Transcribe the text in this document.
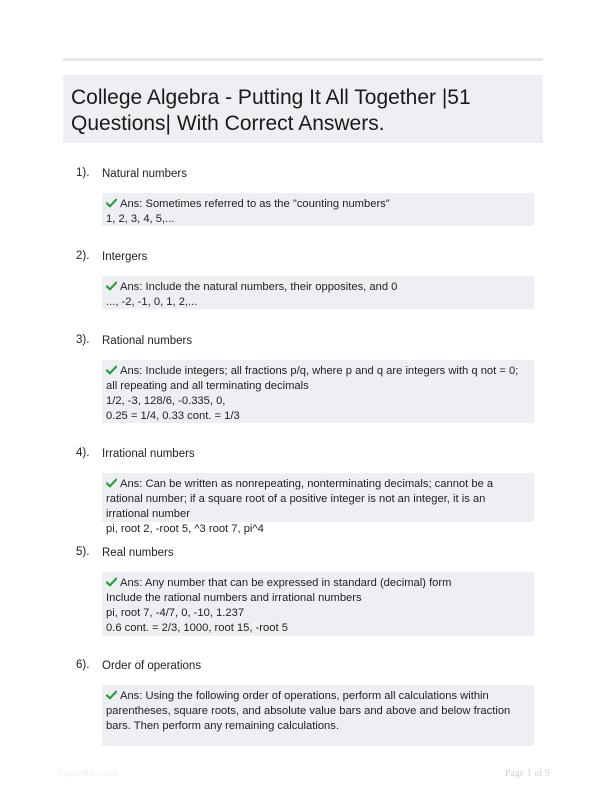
College Algebra - Putting It All Together |51 Questions| With Correct Answers.
1). Natural numbers
Ans: Sometimes referred to as the "counting numbers"
1, 2, 3, 4, 5,...
2). Intergers
Ans: Include the natural numbers, their opposites, and 0
..., -2, -1, 0, 1, 2,...
3). Rational numbers
Ans: Include integers; all fractions p/q, where p and q are integers with q not = 0; all repeating and all terminating decimals
1/2, -3, 128/6, -0.335, 0,
0.25 = 1/4, 0.33 cont. = 1/3
4). Irrational numbers
Ans: Can be written as nonrepeating, nonterminating decimals; cannot be a rational number; if a square root of a positive integer is not an integer, it is an irrational number
pi, root 2, -root 5, ^3 root 7, pi^4
5). Real numbers
Ans: Any number that can be expressed in standard (decimal) form
Include the rational numbers and irrational numbers
pi, root 7, -4/7, 0, -10, 1.237
0.6 cont. = 2/3, 1000, root 15, -root 5
6). Order of operations
Ans: Using the following order of operations, perform all calculations within parentheses, square roots, and absolute value bars and above and below fraction bars. Then perform any remaining calculations.
Paperfinic.com	Page 1 of 9
